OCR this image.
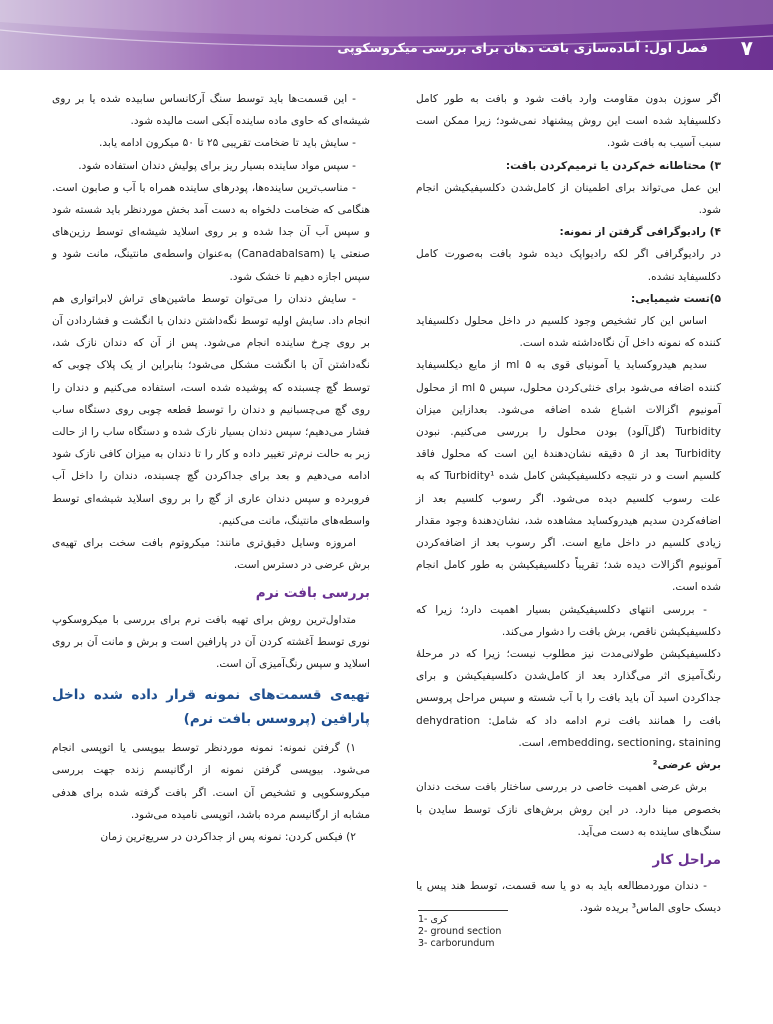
فصل اول: آماده‌سازی بافت دهان برای بررسی میکروسکوپی ۷

اگر سوزن بدون مقاومت وارد بافت شود و بافت به طور کامل دکلسیفاید شده است این روش پیشنهاد نمی‌شود؛ زیرا ممکن است سبب آسیب به بافت شود.

۳) محتاطانه خم‌کردن یا ترمیم‌کردن بافت:

این عمل می‌تواند برای اطمینان از کامل‌شدن دکلسیفیکیشن انجام شود.

۴) رادیوگرافی گرفتن از نمونه:

در رادیوگرافی اگر لکه رادیواپک دیده شود بافت به‌صورت کامل دکلسیفاید نشده.

۵)تست شیمیایی:

اساس این کار تشخیص وجود کلسیم در داخل محلول دکلسیفاید کننده که نمونه داخل آن نگاه‌داشته شده است.

سدیم هیدروکساید یا آمونیای قوی به ۵ ml از مایع دیکلسیفاید کننده اضافه می‌شود برای خنثی‌کردن محلول، سپس ۵ ml از محلول آمونیوم اگزالات اشباع شده اضافه می‌شود. بعدازاین میزان Turbidity (گل‌آلود) بودن محلول را بررسی می‌کنیم. نبودن Turbidity بعد از ۵ دقیقه نشان‌دهندهٔ این است که محلول فاقد کلسیم است و در نتیجه دکلسیفیکیشن کامل شده Turbidity¹ که به علت رسوب کلسیم دیده می‌شود. اگر رسوب کلسیم بعد از اضافه‌کردن سدیم هیدروکساید مشاهده شد، نشان‌دهندهٔ وجود مقدار زیادی کلسیم در داخل مایع است. اگر رسوب بعد از اضافه‌کردن آمونیوم اگزالات دیده شد؛ تقریباً دکلسیفیکیشن به طور کامل انجام شده است.

- بررسی انتهای دکلسیفیکیشن بسیار اهمیت دارد؛ زیرا که دکلسیفیکیشن ناقص، برش بافت را دشوار می‌کند.

دکلسیفیکیشن طولانی‌مدت نیز مطلوب نیست؛ زیرا که در مرحلهٔ رنگ‌آمیزی اثر می‌گذارد بعد از کامل‌شدن دکلسیفیکیشن و برای جداکردن اسید آن باید بافت را با آب شسته و سپس مراحل پروسس بافت را همانند بافت نرم ادامه داد که شامل: dehydration ،embedding، sectioning، staining است.

برش عرضی²

برش عرضی اهمیت خاصی در بررسی ساختار بافت سخت دندان بخصوص مینا دارد. در این روش برش‌های نازک توسط سایدن با سنگ‌های ساینده به دست می‌آید.

مراحل کار

- دندان موردمطالعه باید به دو یا سه قسمت، توسط هند پیس یا دیسک حاوی الماس³ بریده شود.

1- کری

2- ground section

3- carborundum

- این قسمت‌ها باید توسط سنگ آرکانساس سابیده شده یا بر روی شیشه‌ای که حاوی ماده ساینده آبکی است مالیده شود.

- سایش باید تا ضخامت تقریبی ۲۵ تا ۵۰ میکرون ادامه یابد.

- سپس مواد ساینده بسیار ریز برای پولیش دندان استفاده شود.

- مناسب‌ترین ساینده‌ها، پودرهای ساینده همراه با آب و صابون است. هنگامی که ضخامت دلخواه به دست آمد بخش موردنظر باید شسته شود و سپس آب آن جدا شده و بر روی اسلاید شیشه‌ای توسط رزین‌های صنعتی یا (Canadabalsam) به‌عنوان واسطه‌ی مانتینگ، مانت شود و سپس اجازه دهیم تا خشک شود.

- سایش دندان را می‌توان توسط ماشین‌های تراش لابراتواری هم انجام داد. سایش اولیه توسط نگه‌داشتن دندان با انگشت و فشاردادن آن بر روی چرخ ساینده انجام می‌شود. پس از آن که دندان نازک شد، نگه‌داشتن آن با انگشت مشکل می‌شود؛ بنابراین از یک پلاک چوبی که توسط گچ چسبنده که پوشیده شده است، استفاده می‌کنیم و دندان را روی گچ می‌چسبانیم و دندان را توسط قطعه چوبی روی دستگاه ساب فشار می‌دهیم؛ سپس دندان بسیار نازک شده و دستگاه ساب را از حالت زبر به حالت نرم‌تر تغییر داده و کار را تا دندان به میزان کافی نازک شود ادامه می‌دهیم و بعد برای جداکردن گچ چسبنده، دندان را داخل آب فروبرده و سپس دندان عاری از گچ را بر روی اسلاید شیشه‌ای توسط واسطه‌های مانتینگ، مانت می‌کنیم.

امروزه وسایل دقیق‌تری مانند: میکروتوم بافت سخت برای تهیه‌ی برش عرضی در دسترس است.

بررسی بافت نرم

متداول‌ترین روش برای تهیه بافت نرم برای بررسی با میکروسکوپ نوری توسط آغشته کردن آن در پارافین است و برش و مانت آن بر روی اسلاید و سپس رنگ‌آمیزی آن است.

تهیه‌ی قسمت‌های نمونه قرار داده شده داخل پارافین (پروسس بافت نرم)

۱) گرفتن نمونه: نمونه موردنظر توسط بیوپسی یا اتوپسی انجام می‌شود. بیوپسی گرفتن نمونه از ارگانیسم زنده جهت بررسی میکروسکوپی و تشخیص آن است. اگر بافت گرفته شده برای هدفی مشابه از ارگانیسم مرده باشد، اتوپسی نامیده می‌شود.

۲) فیکس کردن: نمونه پس از جداکردن در سریع‌ترین زمان
